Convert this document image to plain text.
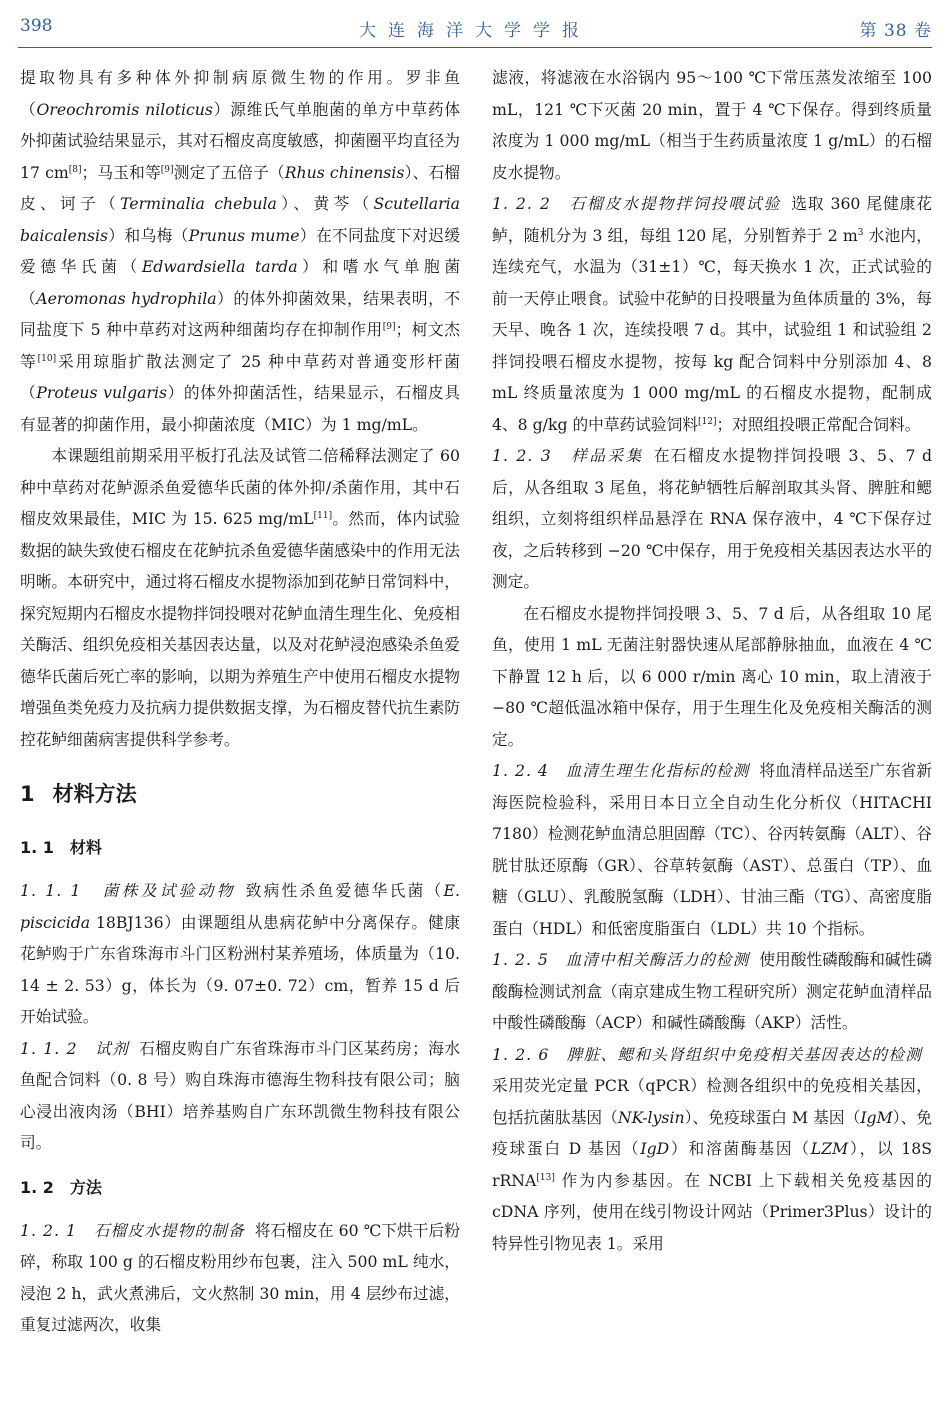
398	大连海洋大学学报	第 38 卷

提取物具有多种体外抑制病原微生物的作用。罗非鱼（Oreochromis niloticus）源维氏气单胞菌的单方中草药体外抑菌试验结果显示，其对石榴皮高度敏感，抑菌圈平均直径为 17 cm[8]；马玉和等[9]测定了五倍子（Rhus chinensis）、石榴皮、诃子（Terminalia chebula）、黄芩（Scutellaria baicalensis）和乌梅（Prunus mume）在不同盐度下对迟缓爱德华氏菌（Edwardsiella tarda）和嗜水气单胞菌（Aeromonas hydrophila）的体外抑菌效果，结果表明，不同盐度下 5 种中草药对这两种细菌均存在抑制作用[9]；柯文杰等[10]采用琼脂扩散法测定了 25 种中草药对普通变形杆菌（Proteus vulgaris）的体外抑菌活性，结果显示，石榴皮具有显著的抑菌作用，最小抑菌浓度（MIC）为 1 mg/mL。

本课题组前期采用平板打孔法及试管二倍稀释法测定了 60 种中草药对花鲈源杀鱼爱德华氏菌的体外抑/杀菌作用，其中石榴皮效果最佳，MIC 为 15. 625 mg/mL[11]。然而，体内试验数据的缺失致使石榴皮在花鲈抗杀鱼爱德华菌感染中的作用无法明晰。本研究中，通过将石榴皮水提物添加到花鲈日常饲料中，探究短期内石榴皮水提物拌饲投喂对花鲈血清生理生化、免疫相关酶活、组织免疫相关基因表达量，以及对花鲈浸泡感染杀鱼爱德华氏菌后死亡率的影响，以期为养殖生产中使用石榴皮水提物增强鱼类免疫力及抗病力提供数据支撑，为石榴皮替代抗生素防控花鲈细菌病害提供科学参考。

1 材料方法
1. 1 材料

1. 1. 1　菌株及试验动物 致病性杀鱼爱德华氏菌（E. piscicida 18BJ136）由课题组从患病花鲈中分离保存。健康花鲈购于广东省珠海市斗门区粉洲村某养殖场，体质量为（10. 14 ± 2. 53）g，体长为（9. 07±0. 72）cm，暂养 15 d 后开始试验。

1. 1. 2　试剂 石榴皮购自广东省珠海市斗门区某药房；海水鱼配合饲料（0. 8 号）购自珠海市德海生物科技有限公司；脑心浸出液肉汤（BHI）培养基购自广东环凯微生物科技有限公司。

1. 2 方法

1. 2. 1　石榴皮水提物的制备 将石榴皮在 60 ℃下烘干后粉碎，称取 100 g 的石榴皮粉用纱布包裹，注入 500 mL 纯水，浸泡 2 h，武火煮沸后，文火熬制 30 min，用 4 层纱布过滤，重复过滤两次，收集

滤液，将滤液在水浴锅内 95～100 ℃下常压蒸发浓缩至 100 mL，121 ℃下灭菌 20 min，置于 4 ℃下保存。得到终质量浓度为 1 000 mg/mL（相当于生药质量浓度 1 g/mL）的石榴皮水提物。

1. 2. 2　石榴皮水提物拌饲投喂试验 选取 360 尾健康花鲈，随机分为 3 组，每组 120 尾，分别暂养于 2 $m^3$ 水池内，连续充气，水温为（31±1）℃，每天换水 1 次，正式试验的前一天停止喂食。试验中花鲈的日投喂量为鱼体质量的 3%，每天早、晚各 1 次，连续投喂 7 d。其中，试验组 1 和试验组 2 拌饲投喂石榴皮水提物，按每 kg 配合饲料中分别添加 4、8 mL 终质量浓度为 1 000 mg/mL 的石榴皮水提物，配制成 4、8 g/kg 的中草药试验饲料[12]；对照组投喂正常配合饲料。

1. 2. 3　样品采集 在石榴皮水提物拌饲投喂 3、5、7 d 后，从各组取 3 尾鱼，将花鲈牺牲后解剖取其头肾、脾脏和鳃组织，立刻将组织样品悬浮在 RNA 保存液中，4 ℃下保存过夜，之后转移到 −20 ℃中保存，用于免疫相关基因表达水平的测定。

在石榴皮水提物拌饲投喂 3、5、7 d 后，从各组取 10 尾鱼，使用 1 mL 无菌注射器快速从尾部静脉抽血，血液在 4 ℃下静置 12 h 后，以 6 000 r/min 离心 10 min，取上清液于 −80 ℃超低温冰箱中保存，用于生理生化及免疫相关酶活的测定。

1. 2. 4　血清生理生化指标的检测 将血清样品送至广东省新海医院检验科，采用日本日立全自动生化分析仪（HITACHI 7180）检测花鲈血清总胆固醇（TC）、谷丙转氨酶（ALT）、谷胱甘肽还原酶（GR）、谷草转氨酶（AST）、总蛋白（TP）、血糖（GLU）、乳酸脱氢酶（LDH）、甘油三酯（TG）、高密度脂蛋白（HDL）和低密度脂蛋白（LDL）共 10 个指标。

1. 2. 5　血清中相关酶活力的检测 使用酸性磷酸酶和碱性磷酸酶检测试剂盒（南京建成生物工程研究所）测定花鲈血清样品中酸性磷酸酶（ACP）和碱性磷酸酶（AKP）活性。

1. 2. 6　脾脏、鳃和头肾组织中免疫相关基因表达的检测采用荧光定量 PCR（qPCR）检测各组织中的免疫相关基因，包括抗菌肽基因（NK-lysin）、免疫球蛋白 M 基因（IgM）、免疫球蛋白 D 基因（IgD）和溶菌酶基因（LZM），以 18S rRNA[13] 作为内参基因。在 NCBI 上下载相关免疫基因的 cDNA 序列，使用在线引物设计网站（Primer3Plus）设计的特异性引物见表 1。采用
